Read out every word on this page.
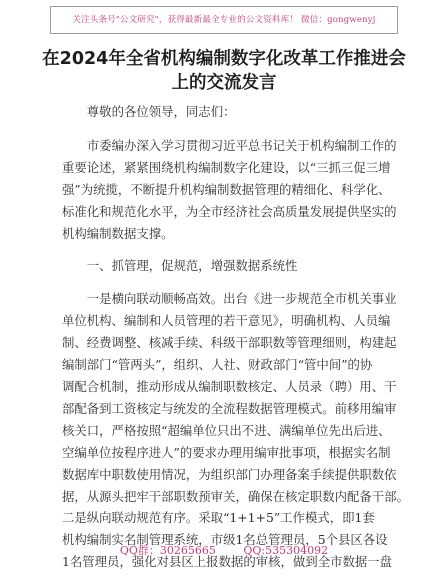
关注头条号"公文研究"，获得最新最全专业的公文资料库！ 微信：gongwenyj
在2024年全省机构编制数字化改革工作推进会
上的交流发言
尊敬的各位领导，同志们：
市委编办深入学习贯彻习近平总书记关于机构编制工作的
重要论述，紧紧围绕机构编制数字化建设，以“三抓三促三增
强”为统揽，不断提升机构编制数据管理的精细化、科学化、
标准化和规范化水平，为全市经济社会高质量发展提供坚实的
机构编制数据支撑。
一、抓管理，促规范，增强数据系统性
一是横向联动顺畅高效。出台《进一步规范全市机关事业
单位机构、编制和人员管理的若干意见》，明确机构、人员编
制、经费调整、核减手续、科级干部职数等管理细则，构建起
编制部门“管两头”，组织、人社、财政部门“管中间”的协
调配合机制，推动形成从编制职数核定、人员录（聘）用、干
部配备到工资核定与统发的全流程数据管理模式。前移用编审
核关口，严格按照“超编单位只出不进、满编单位先出后进、
空编单位按程序进人”的要求办理用编审批事项，根据实名制
数据库中职数使用情况，为组织部门办理备案手续提供职数依
据，从源头把牢干部职数预审关，确保在核定职数内配备干部。
二是纵向联动规范有序。采取“1+1+5”工作模式，即1套
机构编制实名制管理系统，市级1名总管理员，5个县区各设
1名管理员，强化对县区上报数据的审核，做到全市数据一盘
QQ群：30265665	QQ:535304092
